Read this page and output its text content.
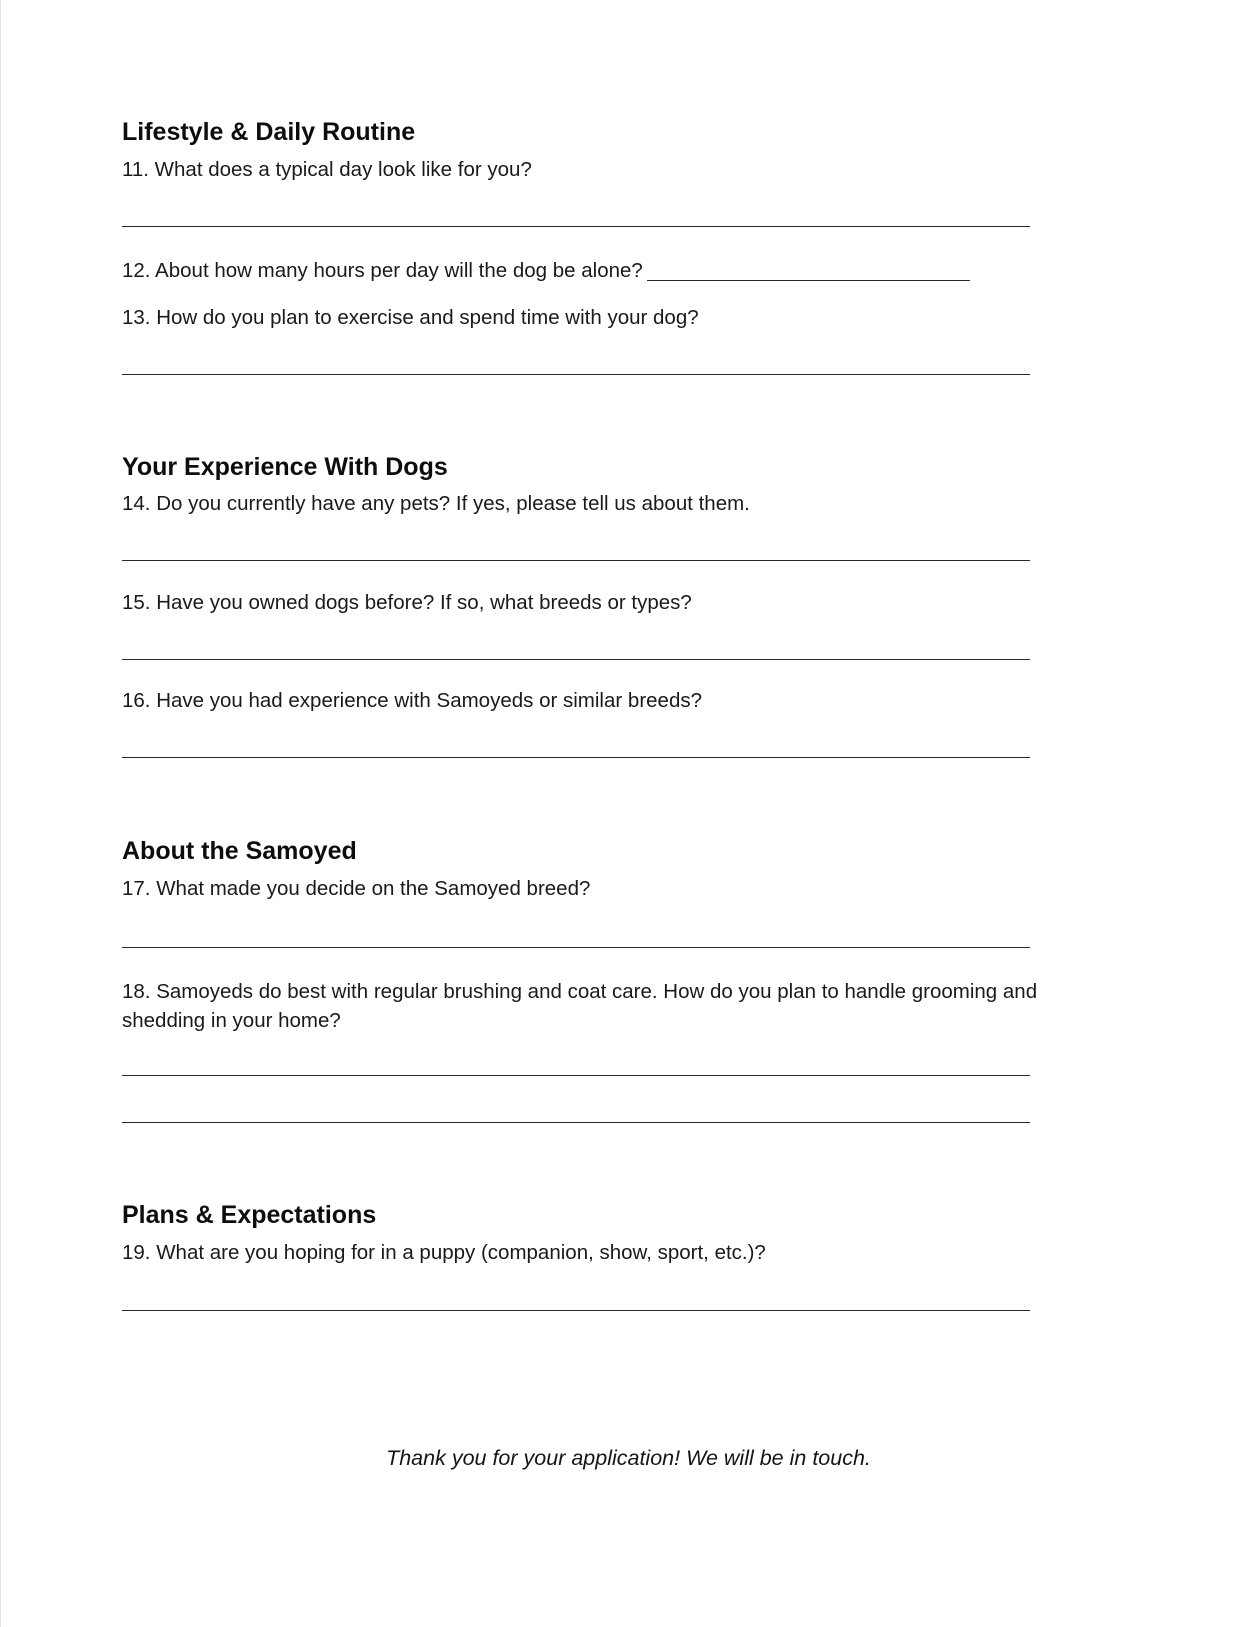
Lifestyle & Daily Routine
11. What does a typical day look like for you?
12. About how many hours per day will the dog be alone?
13. How do you plan to exercise and spend time with your dog?
Your Experience With Dogs
14. Do you currently have any pets? If yes, please tell us about them.
15. Have you owned dogs before? If so, what breeds or types?
16. Have you had experience with Samoyeds or similar breeds?
About the Samoyed
17. What made you decide on the Samoyed breed?
18. Samoyeds do best with regular brushing and coat care. How do you plan to handle grooming and shedding in your home?
Plans & Expectations
19. What are you hoping for in a puppy (companion, show, sport, etc.)?
Thank you for your application! We will be in touch.
